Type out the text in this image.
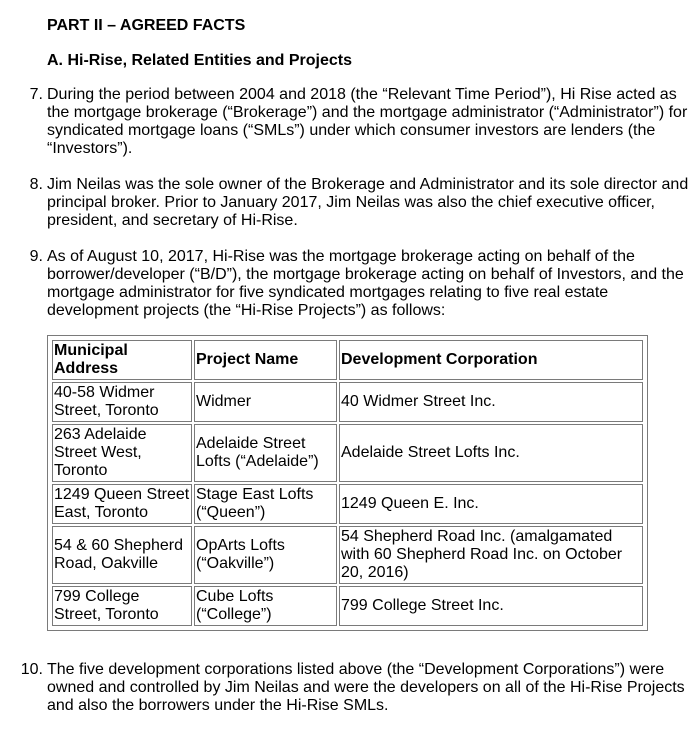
PART II – AGREED FACTS
A. Hi-Rise, Related Entities and Projects
7. During the period between 2004 and 2018 (the “Relevant Time Period”), Hi Rise acted as the mortgage brokerage (“Brokerage”) and the mortgage administrator (“Administrator”) for syndicated mortgage loans (“SMLs”) under which consumer investors are lenders (the “Investors”).

8. Jim Neilas was the sole owner of the Brokerage and Administrator and its sole director and principal broker. Prior to January 2017, Jim Neilas was also the chief executive officer, president, and secretary of Hi-Rise.

9. As of August 10, 2017, Hi-Rise was the mortgage brokerage acting on behalf of the borrower/developer (“B/D”), the mortgage brokerage acting on behalf of Investors, and the mortgage administrator for five syndicated mortgages relating to five real estate development projects (the “Hi-Rise Projects”) as follows:

Municipal Address	Project Name	Development Corporation
40-58 Widmer Street, Toronto	Widmer	40 Widmer Street Inc.
263 Adelaide Street West, Toronto	Adelaide Street Lofts (“Adelaide”)	Adelaide Street Lofts Inc.
1249 Queen Street East, Toronto	Stage East Lofts (“Queen”)	1249 Queen E. Inc.
54 & 60 Shepherd Road, Oakville	OpArts Lofts (“Oakville”)	54 Shepherd Road Inc. (amalgamated with 60 Shepherd Road Inc. on October 20, 2016)
799 College Street, Toronto	Cube Lofts (“College”)	799 College Street Inc.
10. The five development corporations listed above (the “Development Corporations”) were owned and controlled by Jim Neilas and were the developers on all of the Hi-Rise Projects and also the borrowers under the Hi-Rise SMLs.
